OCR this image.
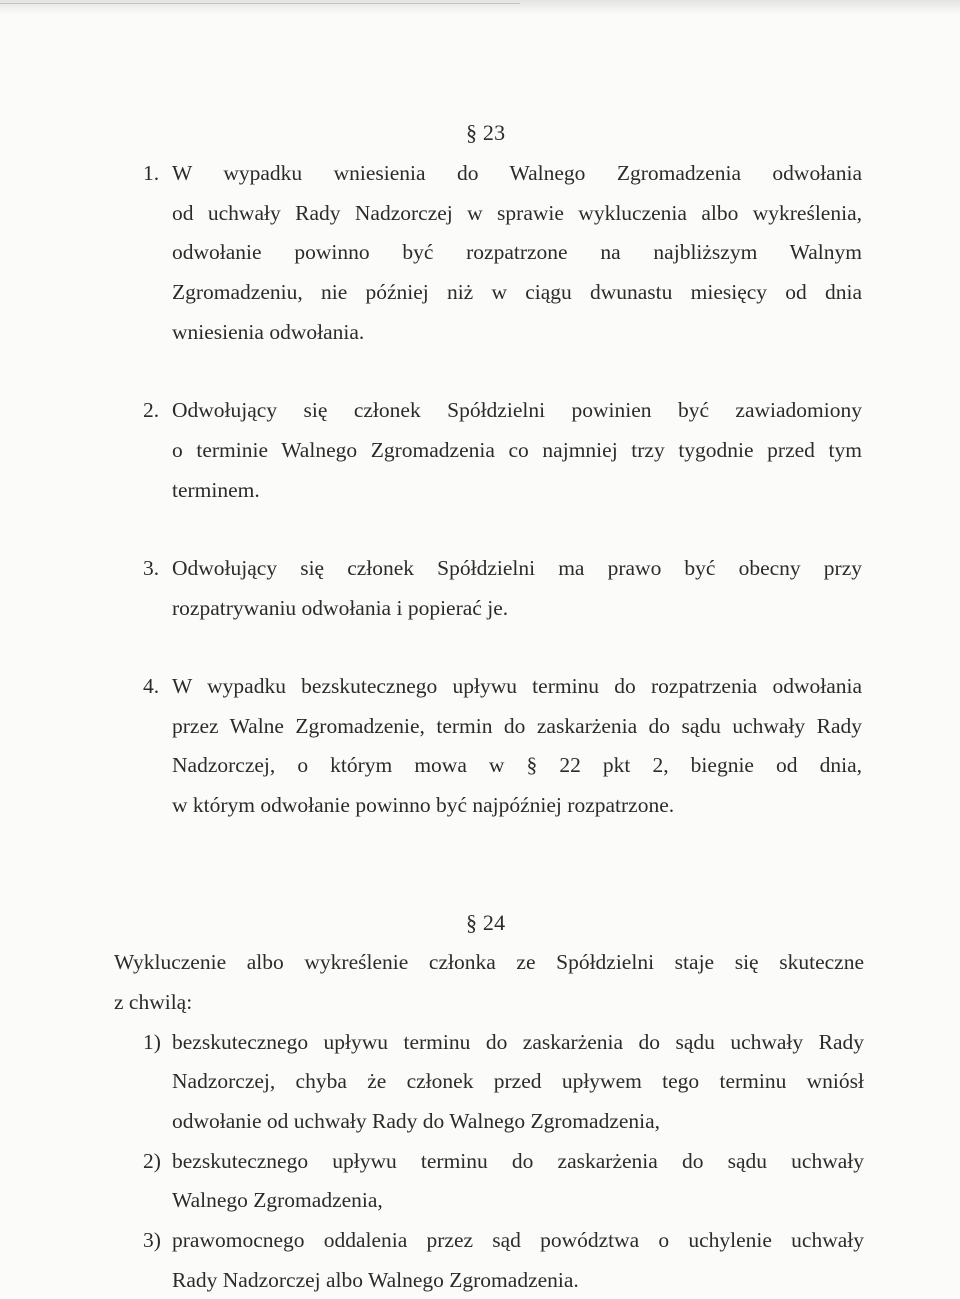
§ 23
1. W wypadku wniesienia do Walnego Zgromadzenia odwołania
od uchwały Rady Nadzorczej w sprawie wykluczenia albo wykreślenia,
odwołanie powinno być rozpatrzone na najbliższym Walnym
Zgromadzeniu, nie później niż w ciągu dwunastu miesięcy od dnia
wniesienia odwołania.
2. Odwołujący się członek Spółdzielni powinien być zawiadomiony
o terminie Walnego Zgromadzenia co najmniej trzy tygodnie przed tym
terminem.
3. Odwołujący się członek Spółdzielni ma prawo być obecny przy
rozpatrywaniu odwołania i popierać je.
4. W wypadku bezskutecznego upływu terminu do rozpatrzenia odwołania
przez Walne Zgromadzenie, termin do zaskarżenia do sądu uchwały Rady
Nadzorczej, o którym mowa w § 22 pkt 2, biegnie od dnia,
w którym odwołanie powinno być najpóźniej rozpatrzone.
§ 24
Wykluczenie albo wykreślenie członka ze Spółdzielni staje się skuteczne
z chwilą:
1) bezskutecznego upływu terminu do zaskarżenia do sądu uchwały Rady
Nadzorczej, chyba że członek przed upływem tego terminu wniósł
odwołanie od uchwały Rady do Walnego Zgromadzenia,
2) bezskutecznego upływu terminu do zaskarżenia do sądu uchwały
Walnego Zgromadzenia,
3) prawomocnego oddalenia przez sąd powództwa o uchylenie uchwały
Rady Nadzorczej albo Walnego Zgromadzenia.
